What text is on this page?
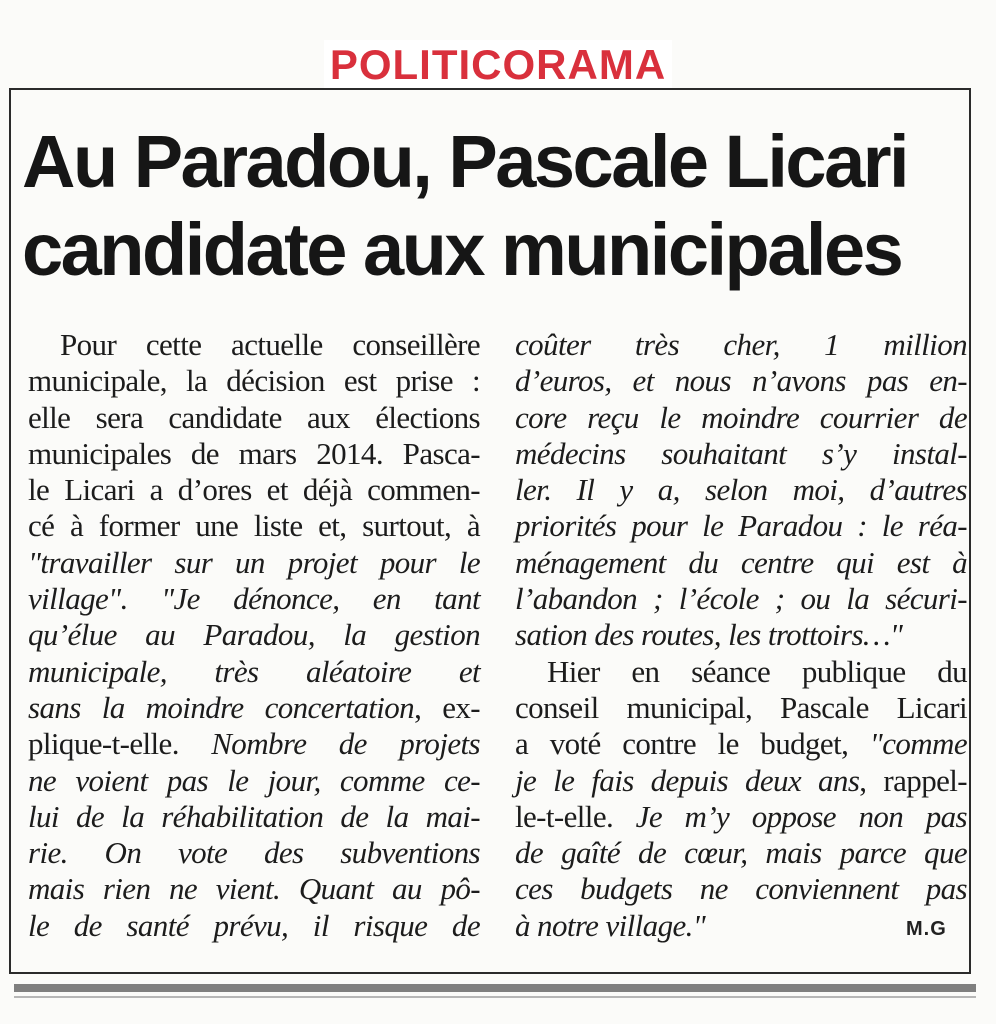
POLITICORAMA
Au Paradou, Pascale Licari
candidate aux municipales
Pour cette actuelle conseillère
municipale, la décision est prise :
elle sera candidate aux élections
municipales de mars 2014. Pasca-
le Licari a d’ores et déjà commen-
cé à former une liste et, surtout, à
"travailler sur un projet pour le
village". "Je dénonce, en tant
qu’élue au Paradou, la gestion
municipale, très aléatoire et
sans la moindre concertation, ex-
plique-t-elle. Nombre de projets
ne voient pas le jour, comme ce-
lui de la réhabilitation de la mai-
rie. On vote des subventions
mais rien ne vient. Quant au pô-
le de santé prévu, il risque de
coûter très cher, 1 million
d’euros, et nous n’avons pas en-
core reçu le moindre courrier de
médecins souhaitant s’y instal-
ler. Il y a, selon moi, d’autres
priorités pour le Paradou : le réa-
ménagement du centre qui est à
l’abandon ; l’école ; ou la sécuri-
sation des routes, les trottoirs…"
Hier en séance publique du
conseil municipal, Pascale Licari
a voté contre le budget, "comme
je le fais depuis deux ans, rappel-
le-t-elle. Je m’y oppose non pas
de gaîté de cœur, mais parce que
ces budgets ne conviennent pas
à notre village."	M.G
